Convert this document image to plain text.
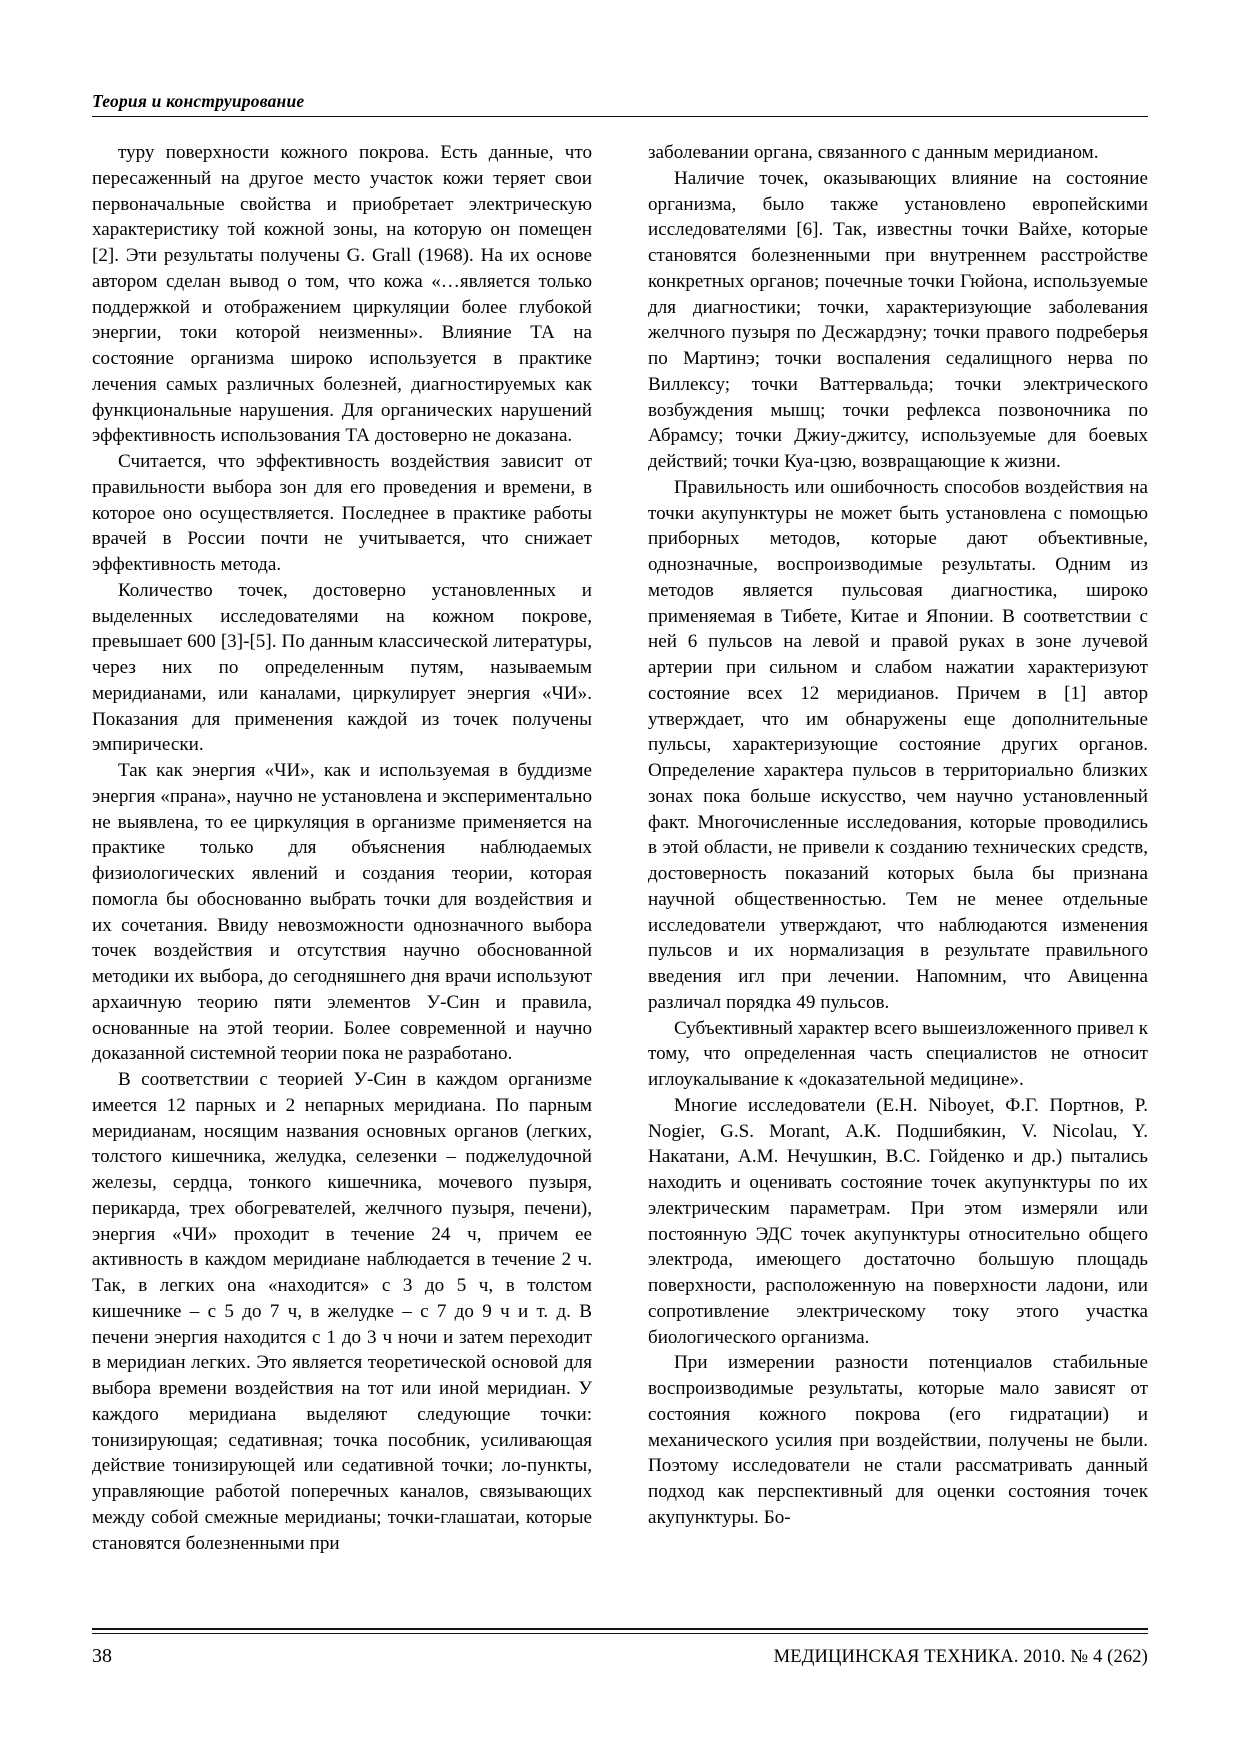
Теория и конструирование

туру поверхности кожного покрова. Есть данные, что пересаженный на другое место участок кожи теряет свои первоначальные свойства и приобретает электрическую характеристику той кожной зоны, на которую он помещен [2]. Эти результаты получены G. Grall (1968). На их основе автором сделан вывод о том, что кожа «…является только поддержкой и отображением циркуляции более глубокой энергии, токи которой неизменны». Влияние ТА на состояние организма широко используется в практике лечения самых различных болезней, диагностируемых как функциональные нарушения. Для органических нарушений эффективность использования ТА достоверно не доказана.

Считается, что эффективность воздействия зависит от правильности выбора зон для его проведения и времени, в которое оно осуществляется. Последнее в практике работы врачей в России почти не учитывается, что снижает эффективность метода.

Количество точек, достоверно установленных и выделенных исследователями на кожном покрове, превышает 600 [3]-[5]. По данным классической литературы, через них по определенным путям, называемым меридианами, или каналами, циркулирует энергия «ЧИ». Показания для применения каждой из точек получены эмпирически.

Так как энергия «ЧИ», как и используемая в буддизме энергия «прана», научно не установлена и экспериментально не выявлена, то ее циркуляция в организме применяется на практике только для объяснения наблюдаемых физиологических явлений и создания теории, которая помогла бы обоснованно выбрать точки для воздействия и их сочетания. Ввиду невозможности однозначного выбора точек воздействия и отсутствия научно обоснованной методики их выбора, до сегодняшнего дня врачи используют архаичную теорию пяти элементов У-Син и правила, основанные на этой теории. Более современной и научно доказанной системной теории пока не разработано.

В соответствии с теорией У-Син в каждом организме имеется 12 парных и 2 непарных меридиана. По парным меридианам, носящим названия основных органов (легких, толстого кишечника, желудка, селезенки – поджелудочной железы, сердца, тонкого кишечника, мочевого пузыря, перикарда, трех обогревателей, желчного пузыря, печени), энергия «ЧИ» проходит в течение 24 ч, причем ее активность в каждом меридиане наблюдается в течение 2 ч. Так, в легких она «находится» с 3 до 5 ч, в толстом кишечнике – с 5 до 7 ч, в желудке – с 7 до 9 ч и т. д. В печени энергия находится с 1 до 3 ч ночи и затем переходит в меридиан легких. Это является теоретической основой для выбора времени воздействия на тот или иной меридиан. У каждого меридиана выделяют следующие точки: тонизирующая; седативная; точка пособник, усиливающая действие тонизирующей или седативной точки; ло-пункты, управляющие работой поперечных каналов, связывающих между собой смежные меридианы; точки-глашатаи, которые становятся болезненными при

заболевании органа, связанного с данным меридианом.

Наличие точек, оказывающих влияние на состояние организма, было также установлено европейскими исследователями [6]. Так, известны точки Вайхе, которые становятся болезненными при внутреннем расстройстве конкретных органов; почечные точки Гюйона, используемые для диагностики; точки, характеризующие заболевания желчного пузыря по Десжардэну; точки правого подреберья по Мартинэ; точки воспаления седалищного нерва по Виллексу; точки Ваттервальда; точки электрического возбуждения мышц; точки рефлекса позвоночника по Абрамсу; точки Джиу-джитсу, используемые для боевых действий; точки Куа-цзю, возвращающие к жизни.

Правильность или ошибочность способов воздействия на точки акупунктуры не может быть установлена с помощью приборных методов, которые дают объективные, однозначные, воспроизводимые результаты. Одним из методов является пульсовая диагностика, широко применяемая в Тибете, Китае и Японии. В соответствии с ней 6 пульсов на левой и правой руках в зоне лучевой артерии при сильном и слабом нажатии характеризуют состояние всех 12 меридианов. Причем в [1] автор утверждает, что им обнаружены еще дополнительные пульсы, характеризующие состояние других органов. Определение характера пульсов в территориально близких зонах пока больше искусство, чем научно установленный факт. Многочисленные исследования, которые проводились в этой области, не привели к созданию технических средств, достоверность показаний которых была бы признана научной общественностью. Тем не менее отдельные исследователи утверждают, что наблюдаются изменения пульсов и их нормализация в результате правильного введения игл при лечении. Напомним, что Авиценна различал порядка 49 пульсов.

Субъективный характер всего вышеизложенного привел к тому, что определенная часть специалистов не относит иглоукалывание к «доказательной медицине».

Многие исследователи (E.H. Niboyet, Ф.Г. Портнов, P. Nogier, G.S. Morant, А.К. Подшибякин, V. Nicolau, Y. Накатани, А.М. Нечушкин, В.С. Гойденко и др.) пытались находить и оценивать состояние точек акупунктуры по их электрическим параметрам. При этом измеряли или постоянную ЭДС точек акупунктуры относительно общего электрода, имеющего достаточно большую площадь поверхности, расположенную на поверхности ладони, или сопротивление электрическому току этого участка биологического организма.

При измерении разности потенциалов стабильные воспроизводимые результаты, которые мало зависят от состояния кожного покрова (его гидратации) и механического усилия при воздействии, получены не были. Поэтому исследователи не стали рассматривать данный подход как перспективный для оценки состояния точек акупунктуры. Бо-

38	МЕДИЦИНСКАЯ ТЕХНИКА. 2010. № 4 (262)
